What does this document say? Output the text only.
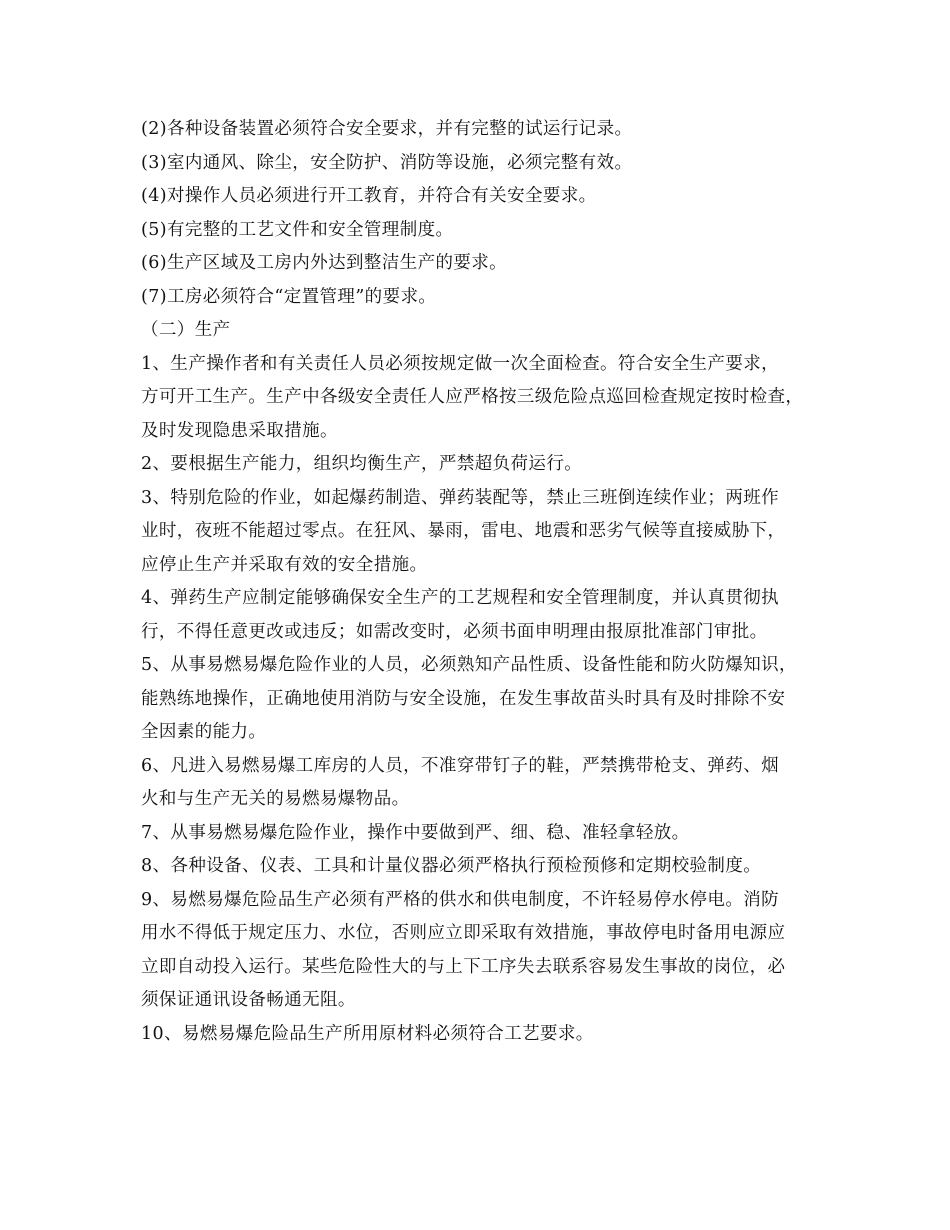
(2)各种设备装置必须符合安全要求，并有完整的试运行记录。
(3)室内通风、除尘，安全防护、消防等设施，必须完整有效。
(4)对操作人员必须进行开工教育，并符合有关安全要求。
(5)有完整的工艺文件和安全管理制度。
(6)生产区域及工房内外达到整洁生产的要求。
(7)工房必须符合“定置管理”的要求。
（二）生产
1、生产操作者和有关责任人员必须按规定做一次全面检查。符合安全生产要求，
方可开工生产。生产中各级安全责任人应严格按三级危险点巡回检查规定按时检查，
及时发现隐患采取措施。
2、要根据生产能力，组织均衡生产，严禁超负荷运行。
3、特别危险的作业，如起爆药制造、弹药装配等，禁止三班倒连续作业；两班作
业时，夜班不能超过零点。在狂风、暴雨，雷电、地震和恶劣气候等直接威胁下，
应停止生产并采取有效的安全措施。
4、弹药生产应制定能够确保安全生产的工艺规程和安全管理制度，并认真贯彻执
行，不得任意更改或违反；如需改变时，必须书面申明理由报原批准部门审批。
5、从事易燃易爆危险作业的人员，必须熟知产品性质、设备性能和防火防爆知识，
能熟练地操作，正确地使用消防与安全设施，在发生事故苗头时具有及时排除不安
全因素的能力。
6、凡进入易燃易爆工库房的人员，不准穿带钉子的鞋，严禁携带枪支、弹药、烟
火和与生产无关的易燃易爆物品。
7、从事易燃易爆危险作业，操作中要做到严、细、稳、准轻拿轻放。
8、各种设备、仪表、工具和计量仪器必须严格执行预检预修和定期校验制度。
9、易燃易爆危险品生产必须有严格的供水和供电制度，不许轻易停水停电。消防
用水不得低于规定压力、水位，否则应立即采取有效措施，事故停电时备用电源应
立即自动投入运行。某些危险性大的与上下工序失去联系容易发生事故的岗位，必
须保证通讯设备畅通无阻。
10、易燃易爆危险品生产所用原材料必须符合工艺要求。
